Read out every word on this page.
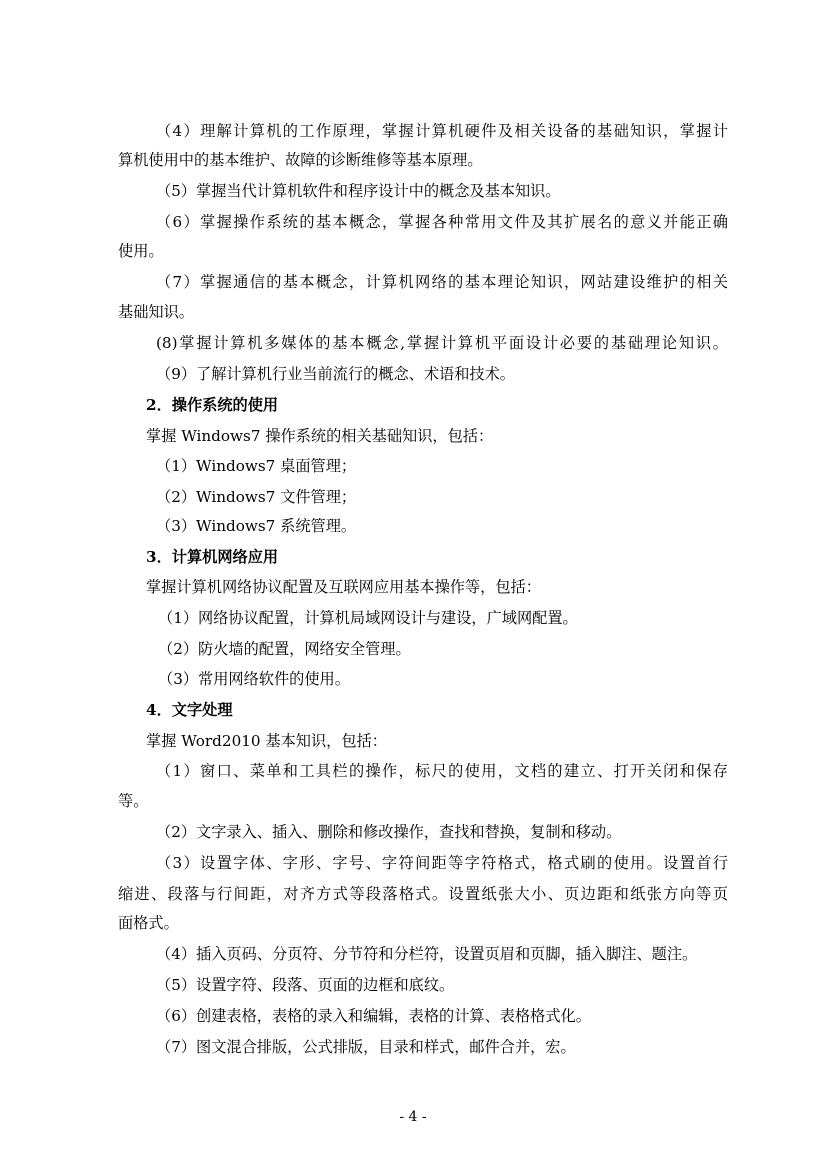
（4）理解计算机的工作原理，掌握计算机硬件及相关设备的基础知识，掌握计
算机使用中的基本维护、故障的诊断维修等基本原理。
（5）掌握当代计算机软件和程序设计中的概念及基本知识。
（6）掌握操作系统的基本概念，掌握各种常用文件及其扩展名的意义并能正确
使用。
（7）掌握通信的基本概念，计算机网络的基本理论知识，网站建设维护的相关
基础知识。
(8)掌握计算机多媒体的基本概念,掌握计算机平面设计必要的基础理论知识。
（9）了解计算机行业当前流行的概念、术语和技术。
2．操作系统的使用
掌握 Windows7 操作系统的相关基础知识，包括：
（1）Windows7 桌面管理；
（2）Windows7 文件管理；
（3）Windows7 系统管理。
3．计算机网络应用
掌握计算机网络协议配置及互联网应用基本操作等，包括：
（1）网络协议配置，计算机局域网设计与建设，广域网配置。
（2）防火墙的配置，网络安全管理。
（3）常用网络软件的使用。
4．文字处理
掌握 Word2010 基本知识，包括：
（1）窗口、菜单和工具栏的操作，标尺的使用，文档的建立、打开关闭和保存
等。
（2）文字录入、插入、删除和修改操作，查找和替换，复制和移动。
（3）设置字体、字形、字号、字符间距等字符格式，格式刷的使用。设置首行
缩进、段落与行间距，对齐方式等段落格式。设置纸张大小、页边距和纸张方向等页
面格式。
（4）插入页码、分页符、分节符和分栏符，设置页眉和页脚，插入脚注、题注。
（5）设置字符、段落、页面的边框和底纹。
（6）创建表格，表格的录入和编辑，表格的计算、表格格式化。
（7）图文混合排版，公式排版，目录和样式，邮件合并，宏。
- 4 -
